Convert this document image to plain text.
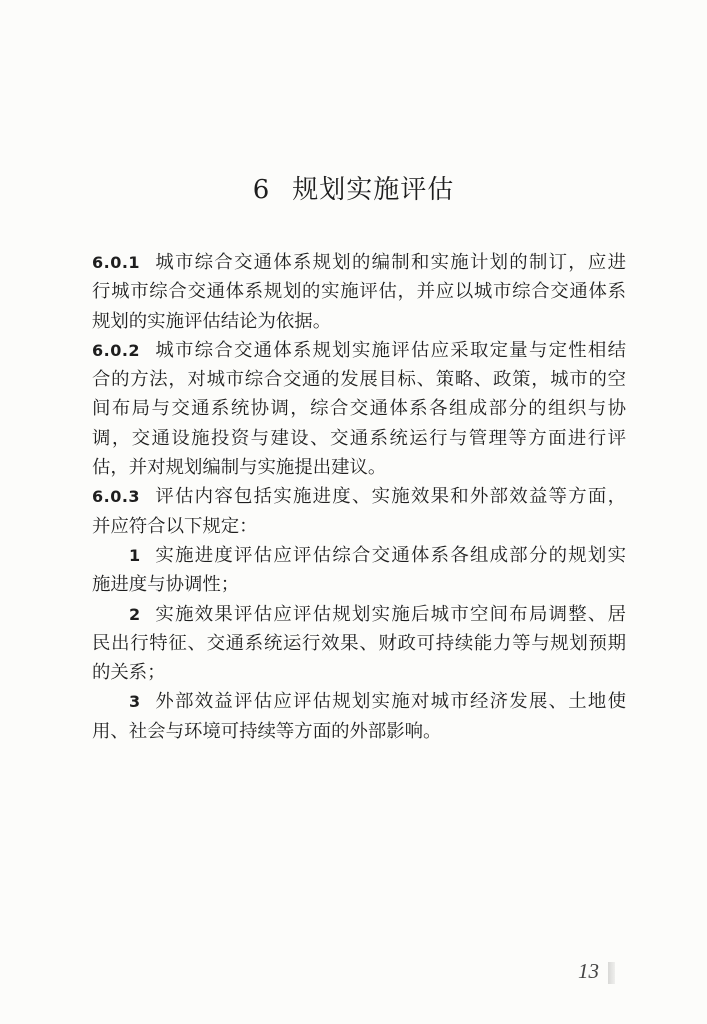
6 规划实施评估
6.0.1 城市综合交通体系规划的编制和实施计划的制订，应进
行城市综合交通体系规划的实施评估，并应以城市综合交通体系
规划的实施评估结论为依据。
6.0.2 城市综合交通体系规划实施评估应采取定量与定性相结
合的方法，对城市综合交通的发展目标、策略、政策，城市的空
间布局与交通系统协调，综合交通体系各组成部分的组织与协
调，交通设施投资与建设、交通系统运行与管理等方面进行评
估，并对规划编制与实施提出建议。
6.0.3 评估内容包括实施进度、实施效果和外部效益等方面，
并应符合以下规定：
1 实施进度评估应评估综合交通体系各组成部分的规划实
施进度与协调性；
2 实施效果评估应评估规划实施后城市空间布局调整、居
民出行特征、交通系统运行效果、财政可持续能力等与规划预期
的关系；
3 外部效益评估应评估规划实施对城市经济发展、土地使
用、社会与环境可持续等方面的外部影响。
13
